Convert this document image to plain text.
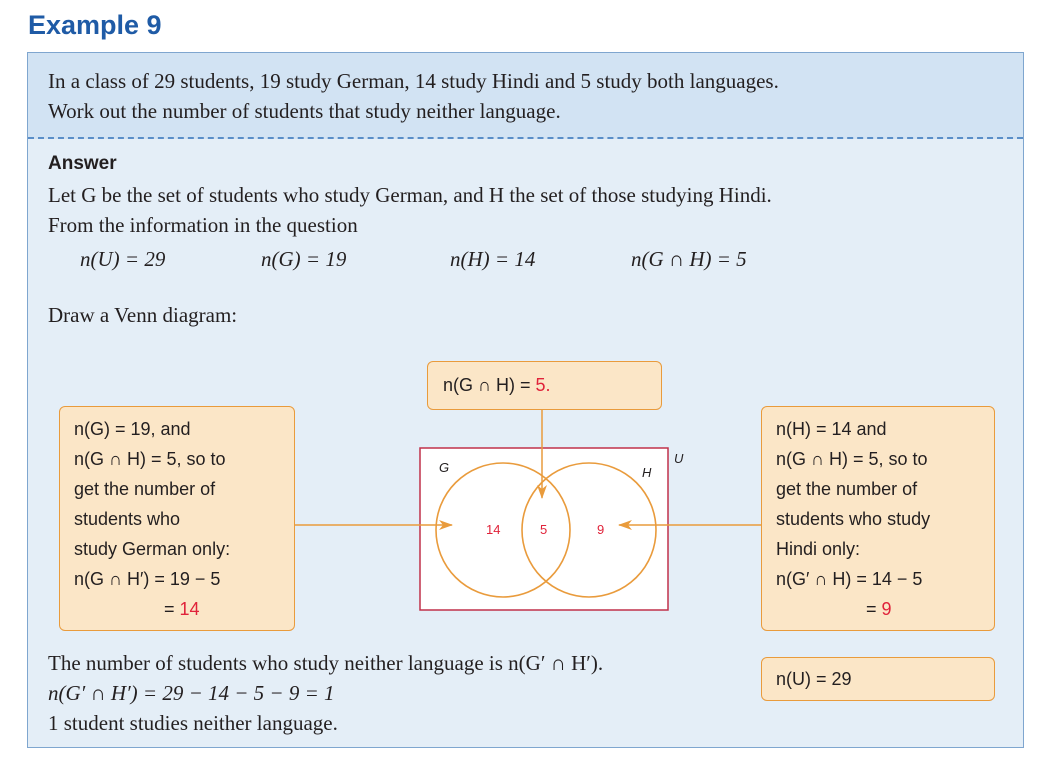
Example 9
In a class of 29 students, 19 study German, 14 study Hindi and 5 study both languages.
Work out the number of students that study neither language.
Answer
Let G be the set of students who study German, and H the set of those studying Hindi.
From the information in the question
n(U) = 29	n(G) = 19	n(H) = 14	n(G ∩ H) = 5
Draw a Venn diagram:
G	H
U
14	5	9
n(G ∩ H) = 5.
n(G) = 19, and
n(G ∩ H) = 5, so to
get the number of
students who
study German only:
n(G ∩ H′) = 19 − 5
= 14
n(H) = 14 and
n(G ∩ H) = 5, so to
get the number of
students who study
Hindi only:
n(G′ ∩ H) = 14 − 5
= 9
n(U) = 29
The number of students who study neither language is n(G′ ∩ H′).
n(G′ ∩ H′) = 29 − 14 − 5 − 9 = 1
1 student studies neither language.
